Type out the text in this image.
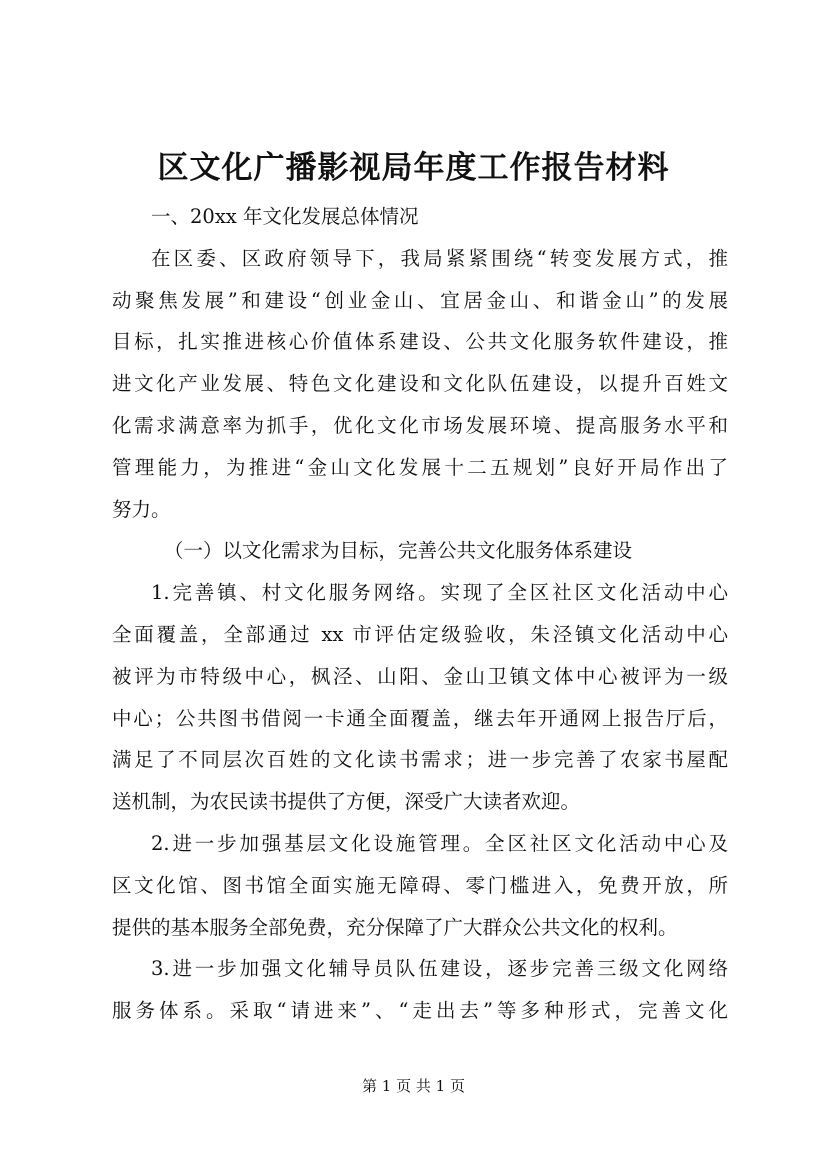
区文化广播影视局年度工作报告材料
一、20xx 年文化发展总体情况
在区委、区政府领导下，我局紧紧围绕“转变发展方式，推
动聚焦发展”和建设“创业金山、宜居金山、和谐金山”的发展
目标，扎实推进核心价值体系建设、公共文化服务软件建设，推
进文化产业发展、特色文化建设和文化队伍建设，以提升百姓文
化需求满意率为抓手，优化文化市场发展环境、提高服务水平和
管理能力，为推进“金山文化发展十二五规划”良好开局作出了
努力。
（一）以文化需求为目标，完善公共文化服务体系建设
1.完善镇、村文化服务网络。实现了全区社区文化活动中心
全面覆盖，全部通过 xx 市评估定级验收，朱泾镇文化活动中心
被评为市特级中心，枫泾、山阳、金山卫镇文体中心被评为一级
中心；公共图书借阅一卡通全面覆盖，继去年开通网上报告厅后，
满足了不同层次百姓的文化读书需求；进一步完善了农家书屋配
送机制，为农民读书提供了方便，深受广大读者欢迎。
2.进一步加强基层文化设施管理。全区社区文化活动中心及
区文化馆、图书馆全面实施无障碍、零门槛进入，免费开放，所
提供的基本服务全部免费，充分保障了广大群众公共文化的权利。
3.进一步加强文化辅导员队伍建设，逐步完善三级文化网络
服务体系。采取“请进来”、“走出去”等多种形式，完善文化

第 1 页 共 1 页
